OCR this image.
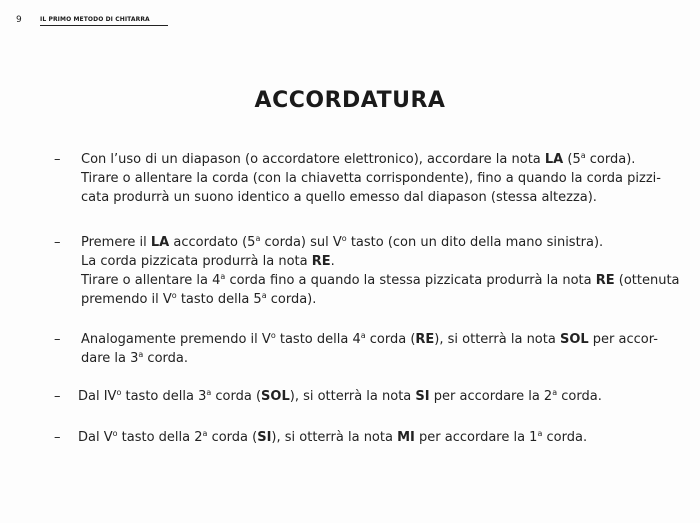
9	IL PRIMO METODO DI CHITARRA
ACCORDATURA
–	Con l’uso di un diapason (o accordatore elettronico), accordare la nota LA (5$^a$ corda).
Tirare o allentare la corda (con la chiavetta corrispondente), fino a quando la corda pizzi-
cata produrrà un suono identico a quello emesso dal diapason (stessa altezza).
–	Premere il LA accordato (5$^a$ corda) sul $V^o$ tasto (con un dito della mano sinistra).
La corda pizzicata produrrà la nota RE.
Tirare o allentare la 4$^a$ corda fino a quando la stessa pizzicata produrrà la nota RE (ottenuta
premendo il $V^o$ tasto della 5$^a$ corda).
–	Analogamente premendo il $V^o$ tasto della 4$^a$ corda (RE), si otterrà la nota SOL per accor-
dare la 3$^a$ corda.
–	Dal $IV^o$ tasto della 3$^a$ corda (SOL), si otterrà la nota SI per accordare la 2$^a$ corda.
–	Dal $V^o$ tasto della 2$^a$ corda (SI), si otterrà la nota MI per accordare la 1$^a$ corda.
